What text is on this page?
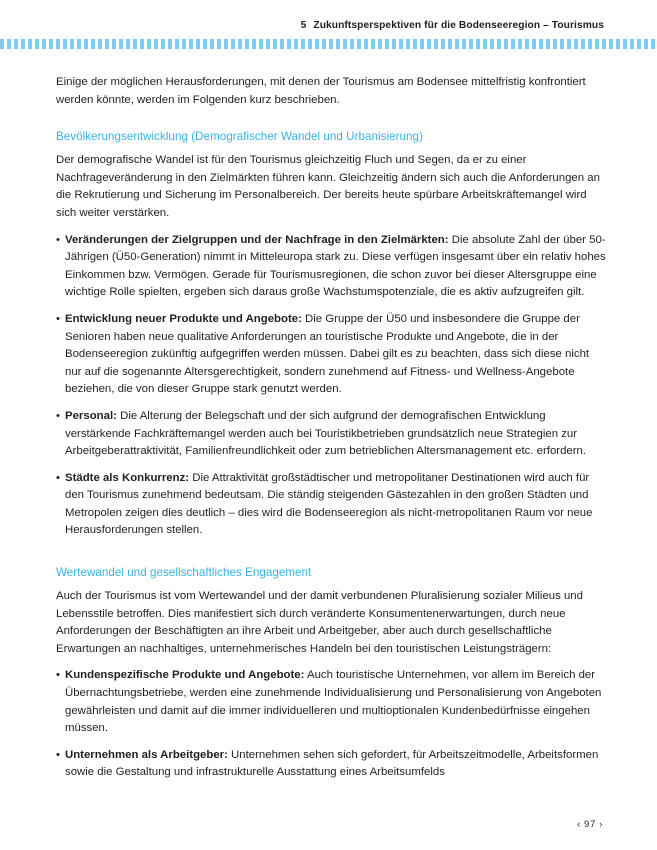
5 Zukunftsperspektiven für die Bodenseeregion – Tourismus

Einige der möglichen Herausforderungen, mit denen der Tourismus am Bodensee mittelfristig konfrontiert werden könnte, werden im Folgenden kurz beschrieben.

Bevölkerungsentwicklung (Demografischer Wandel und Urbanisierung)

Der demografische Wandel ist für den Tourismus gleichzeitig Fluch und Segen, da er zu einer Nachfrageveränderung in den Zielmärkten führen kann. Gleichzeitig ändern sich auch die Anforderungen an die Rekrutierung und Sicherung im Personalbereich. Der bereits heute spürbare Arbeitskräftemangel wird sich weiter verstärken.

• Veränderungen der Zielgruppen und der Nachfrage in den Zielmärkten: Die absolute Zahl der über 50-Jährigen (Ü50-Generation) nimmt in Mitteleuropa stark zu. Diese verfügen insgesamt über ein relativ hohes Einkommen bzw. Vermögen. Gerade für Tourismusregionen, die schon zuvor bei dieser Altersgruppe eine wichtige Rolle spielten, ergeben sich daraus große Wachstumspotenziale, die es aktiv aufzugreifen gilt.
• Entwicklung neuer Produkte und Angebote: Die Gruppe der Ü50 und insbesondere die Gruppe der Senioren haben neue qualitative Anforderungen an touristische Produkte und Angebote, die in der Bodenseeregion zukünftig aufgegriffen werden müssen. Dabei gilt es zu beachten, dass sich diese nicht nur auf die sogenannte Altersgerechtigkeit, sondern zunehmend auf Fitness- und Wellness-Angebote beziehen, die von dieser Gruppe stark genutzt werden.
• Personal: Die Alterung der Belegschaft und der sich aufgrund der demografischen Entwicklung verstärkende Fachkräftemangel werden auch bei Touristikbetrieben grundsätzlich neue Strategien zur Arbeitgeberattraktivität, Familienfreundlichkeit oder zum betrieblichen Altersmanagement etc. erfordern.
• Städte als Konkurrenz: Die Attraktivität großstädtischer und metropolitaner Destinationen wird auch für den Tourismus zunehmend bedeutsam. Die ständig steigenden Gästezahlen in den großen Städten und Metropolen zeigen dies deutlich – dies wird die Bodenseeregion als nicht-metropolitanen Raum vor neue Herausforderungen stellen.
Wertewandel und gesellschaftliches Engagement

Auch der Tourismus ist vom Wertewandel und der damit verbundenen Pluralisierung sozialer Milieus und Lebensstile betroffen. Dies manifestiert sich durch veränderte Konsumentenerwartungen, durch neue Anforderungen der Beschäftigten an ihre Arbeit und Arbeitgeber, aber auch durch gesellschaftliche Erwartungen an nachhaltiges, unternehmerisches Handeln bei den touristischen Leistungsträgern:

• Kundenspezifische Produkte und Angebote: Auch touristische Unternehmen, vor allem im Bereich der Übernachtungsbetriebe, werden eine zunehmende Individualisierung und Personalisierung von Angeboten gewährleisten und damit auf die immer individuelleren und multioptionalen Kundenbedürfnisse eingehen müssen.
• Unternehmen als Arbeitgeber: Unternehmen sehen sich gefordert, für Arbeitszeitmodelle, Arbeitsformen sowie die Gestaltung und infrastrukturelle Ausstattung eines Arbeitsumfelds
‹ 97 ›
